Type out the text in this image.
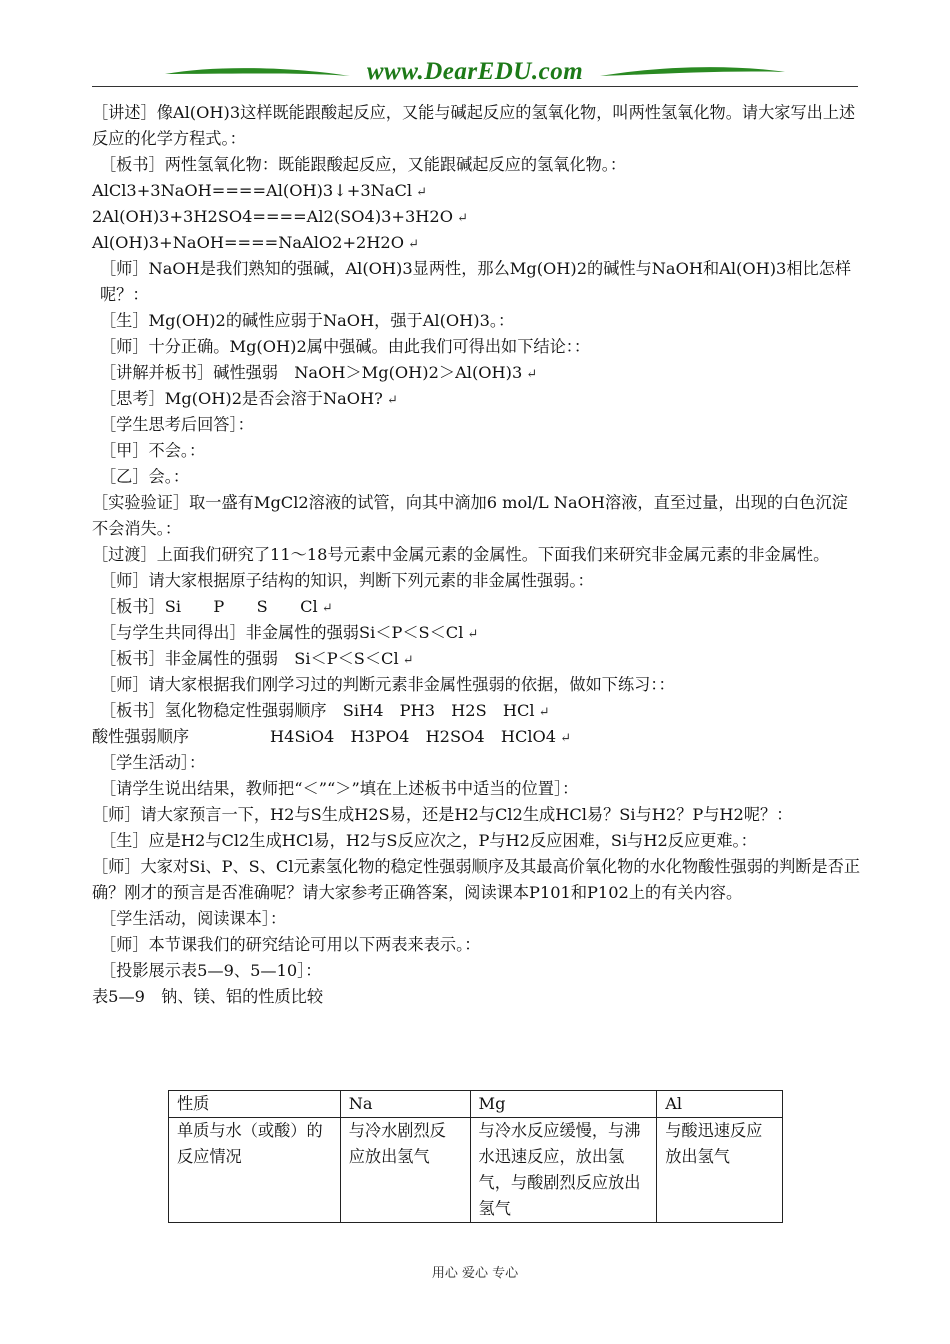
www.DearEDU.com
［讲述］像Al(OH)3这样既能跟酸起反应，又能与碱起反应的氢氧化物，叫两性氢氧化物。请大家写出上述反应的化学方程式。：
［板书］两性氢氧化物：既能跟酸起反应，又能跟碱起反应的氢氧化物。：
AlCl3+3NaOH====Al(OH)3↓+3NaCl ↵
2Al(OH)3+3H2SO4====Al2(SO4)3+3H2O ↵
Al(OH)3+NaOH====NaAlO2+2H2O ↵
［师］NaOH是我们熟知的强碱，Al(OH)3显两性，那么Mg(OH)2的碱性与NaOH和Al(OH)3相比怎样呢？：
［生］Mg(OH)2的碱性应弱于NaOH，强于Al(OH)3。：
［师］十分正确。Mg(OH)2属中强碱。由此我们可得出如下结论：：
［讲解并板书］碱性强弱　NaOH＞Mg(OH)2＞Al(OH)3 ↵
［思考］Mg(OH)2是否会溶于NaOH? ↵
［学生思考后回答］：
［甲］不会。：
［乙］会。：
［实验验证］取一盛有MgCl2溶液的试管，向其中滴加6 mol/L NaOH溶液，直至过量，出现的白色沉淀不会消失。：
［过渡］上面我们研究了11～18号元素中金属元素的金属性。下面我们来研究非金属元素的非金属性。
［师］请大家根据原子结构的知识，判断下列元素的非金属性强弱。：
［板书］Si　　P　　S　　Cl ↵
［与学生共同得出］非金属性的强弱Si＜P＜S＜Cl ↵
［板书］非金属性的强弱　Si＜P＜S＜Cl ↵
［师］请大家根据我们刚学习过的判断元素非金属性强弱的依据，做如下练习：：
［板书］氢化物稳定性强弱顺序　SiH4　PH3　H2S　HCl ↵
酸性强弱顺序　　　　　H4SiO4　H3PO4　H2SO4　HClO4 ↵
［学生活动］：
［请学生说出结果，教师把“＜”“＞”填在上述板书中适当的位置］：
［师］请大家预言一下，H2与S生成H2S易，还是H2与Cl2生成HCl易？Si与H2？P与H2呢？：
［生］应是H2与Cl2生成HCl易，H2与S反应次之，P与H2反应困难，Si与H2反应更难。：
［师］大家对Si、P、S、Cl元素氢化物的稳定性强弱顺序及其最高价氧化物的水化物酸性强弱的判断是否正确？刚才的预言是否准确呢？请大家参考正确答案，阅读课本P101和P102上的有关内容。
［学生活动，阅读课本］：
［师］本节课我们的研究结论可用以下两表来表示。：
［投影展示表5—9、5—10］：
表5—9　钠、镁、铝的性质比较
性质	Na	Mg	Al
单质与水（或酸）的反应情况	与冷水剧烈反应放出氢气	与冷水反应缓慢，与沸水迅速反应，放出氢气，与酸剧烈反应放出氢气	与酸迅速反应放出氢气
用心 爱心 专心
